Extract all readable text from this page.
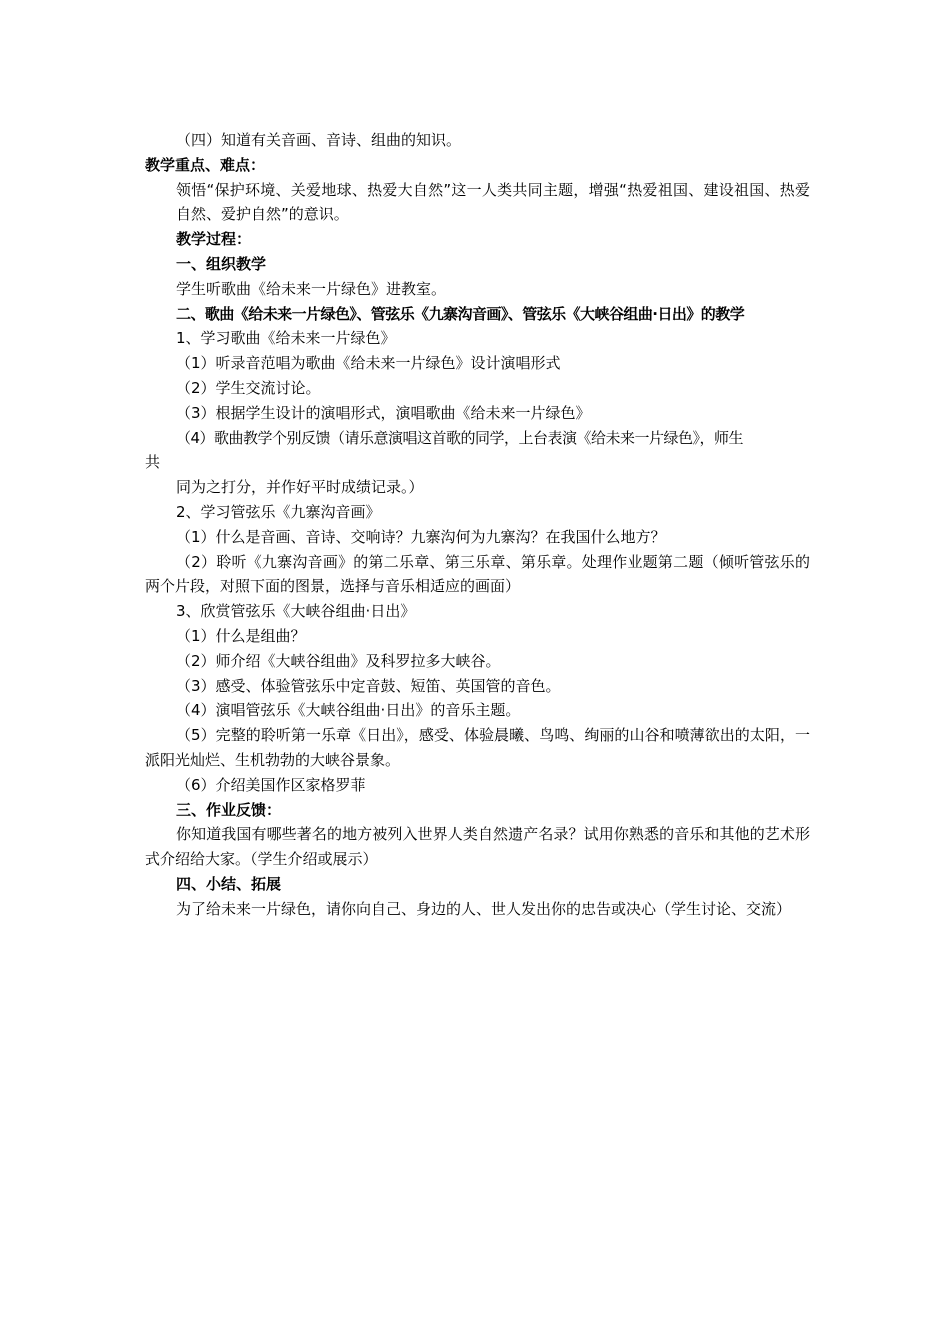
（四）知道有关音画、音诗、组曲的知识。

教学重点、难点：

领悟“保护环境、关爱地球、热爱大自然”这一人类共同主题，增强“热爱祖国、建设祖国、热爱自然、爱护自然”的意识。

教学过程：

一、组织教学

学生听歌曲《给未来一片绿色》进教室。

二、歌曲《给未来一片绿色》、管弦乐《九寨沟音画》、管弦乐《大峡谷组曲·日出》的教学

1、学习歌曲《给未来一片绿色》

（1）听录音范唱为歌曲《给未来一片绿色》设计演唱形式

（2）学生交流讨论。

（3）根据学生设计的演唱形式，演唱歌曲《给未来一片绿色》

（4）歌曲教学个别反馈（请乐意演唱这首歌的同学，上台表演《给未来一片绿色》，师生

共

同为之打分，并作好平时成绩记录。）

2、学习管弦乐《九寨沟音画》

（1）什么是音画、音诗、交响诗？九寨沟何为九寨沟？在我国什么地方？

（2）聆听《九寨沟音画》的第二乐章、第三乐章、第乐章。处理作业题第二题（倾听管弦乐的两个片段，对照下面的图景，选择与音乐相适应的画面）

3、欣赏管弦乐《大峡谷组曲·日出》

（1）什么是组曲？

（2）师介绍《大峡谷组曲》及科罗拉多大峡谷。

（3）感受、体验管弦乐中定音鼓、短笛、英国管的音色。

（4）演唱管弦乐《大峡谷组曲·日出》的音乐主题。

（5）完整的聆听第一乐章《日出》，感受、体验晨曦、鸟鸣、绚丽的山谷和喷薄欲出的太阳，一派阳光灿烂、生机勃勃的大峡谷景象。

（6）介绍美国作区家格罗菲

三、作业反馈：

你知道我国有哪些著名的地方被列入世界人类自然遗产名录？试用你熟悉的音乐和其他的艺术形式介绍给大家。（学生介绍或展示）

四、小结、拓展

为了给未来一片绿色，请你向自己、身边的人、世人发出你的忠告或决心（学生讨论、交流）
